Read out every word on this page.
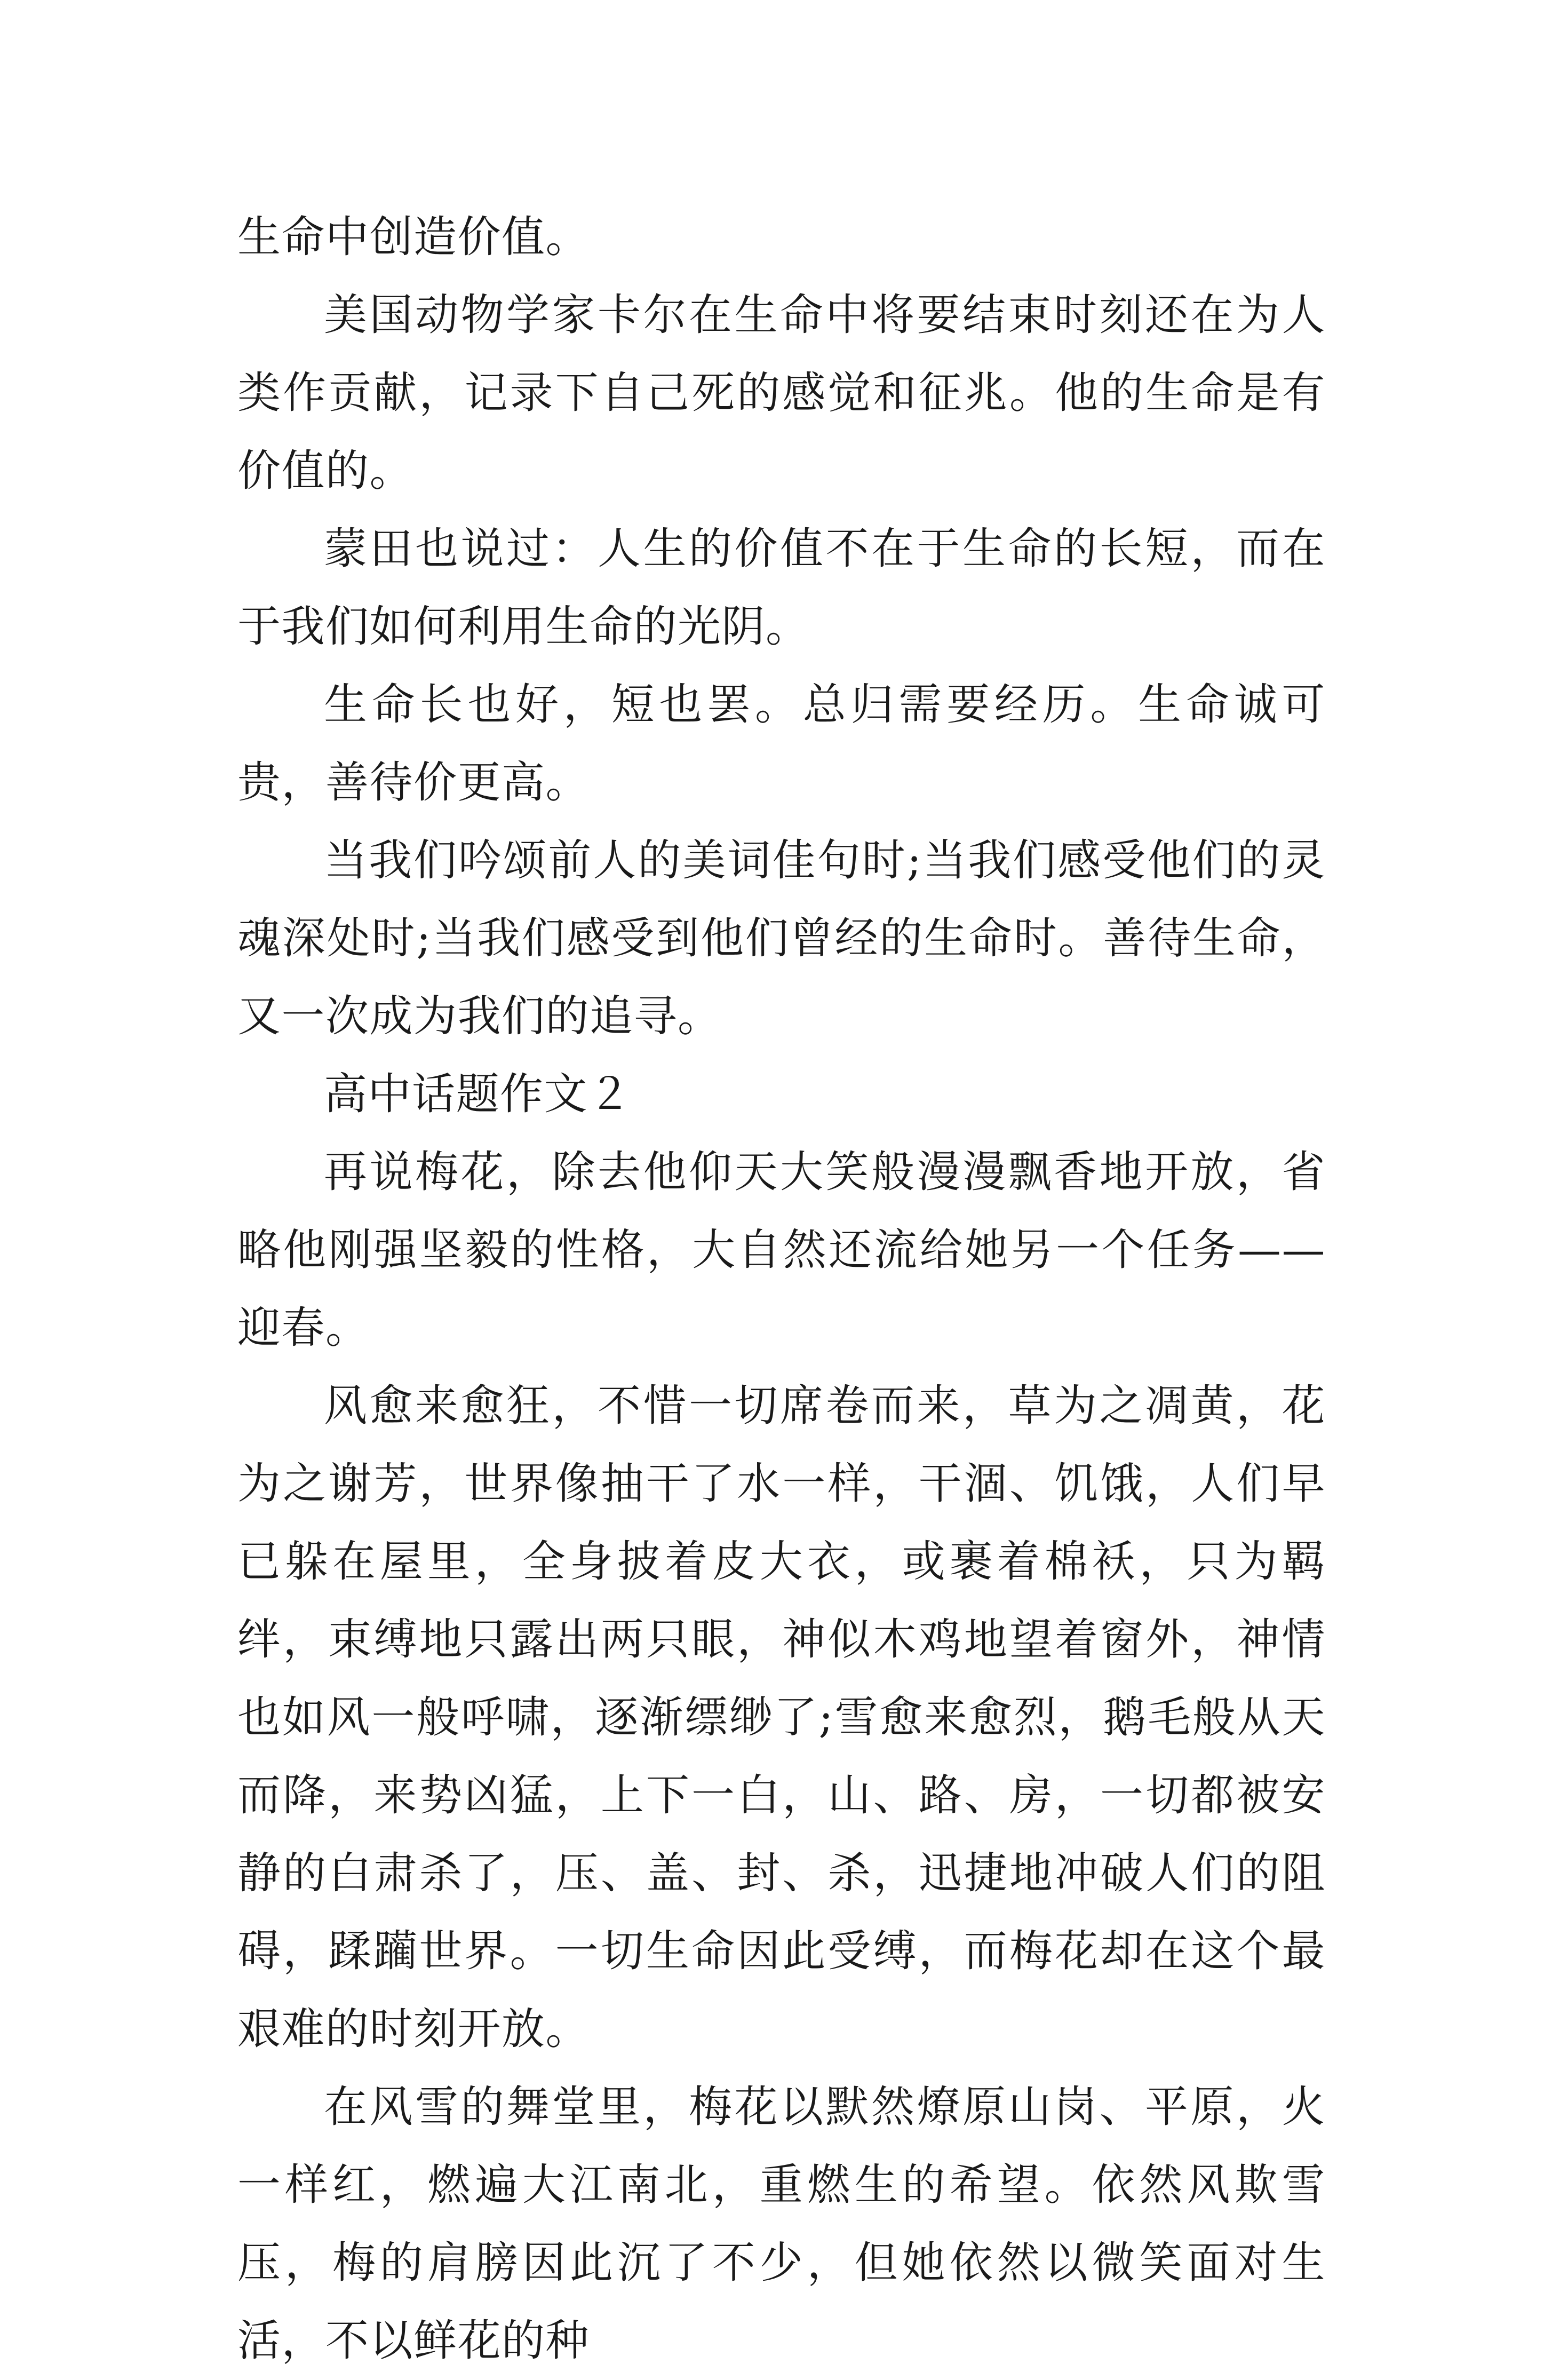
生命中创造价值。

美国动物学家卡尔在生命中将要结束时刻还在为人类作贡献，记录下自己死的感觉和征兆。他的生命是有价值的。

蒙田也说过：人生的价值不在于生命的长短，而在于我们如何利用生命的光阴。

生命长也好，短也罢。总归需要经历。生命诚可贵，善待价更高。

当我们吟颂前人的美词佳句时;当我们感受他们的灵魂深处时;当我们感受到他们曾经的生命时。善待生命，又一次成为我们的追寻。

高中话题作文２

再说梅花，除去他仰天大笑般漫漫飘香地开放，省略他刚强坚毅的性格，大自然还流给她另一个任务——迎春。

风愈来愈狂，不惜一切席卷而来，草为之凋黄，花为之谢芳，世界像抽干了水一样，干涸、饥饿，人们早已躲在屋里，全身披着皮大衣，或裹着棉袄，只为羁绊，束缚地只露出两只眼，神似木鸡地望着窗外，神情也如风一般呼啸，逐渐缥缈了;雪愈来愈烈，鹅毛般从天而降，来势凶猛，上下一白，山、路、房，一切都被安静的白肃杀了，压、盖、封、杀，迅捷地冲破人们的阻碍，蹂躏世界。一切生命因此受缚，而梅花却在这个最艰难的时刻开放。

在风雪的舞堂里，梅花以默然燎原山岗、平原，火一样红，燃遍大江南北，重燃生的希望。依然风欺雪压，梅的肩膀因此沉了不少，但她依然以微笑面对生活，不以鲜花的种
